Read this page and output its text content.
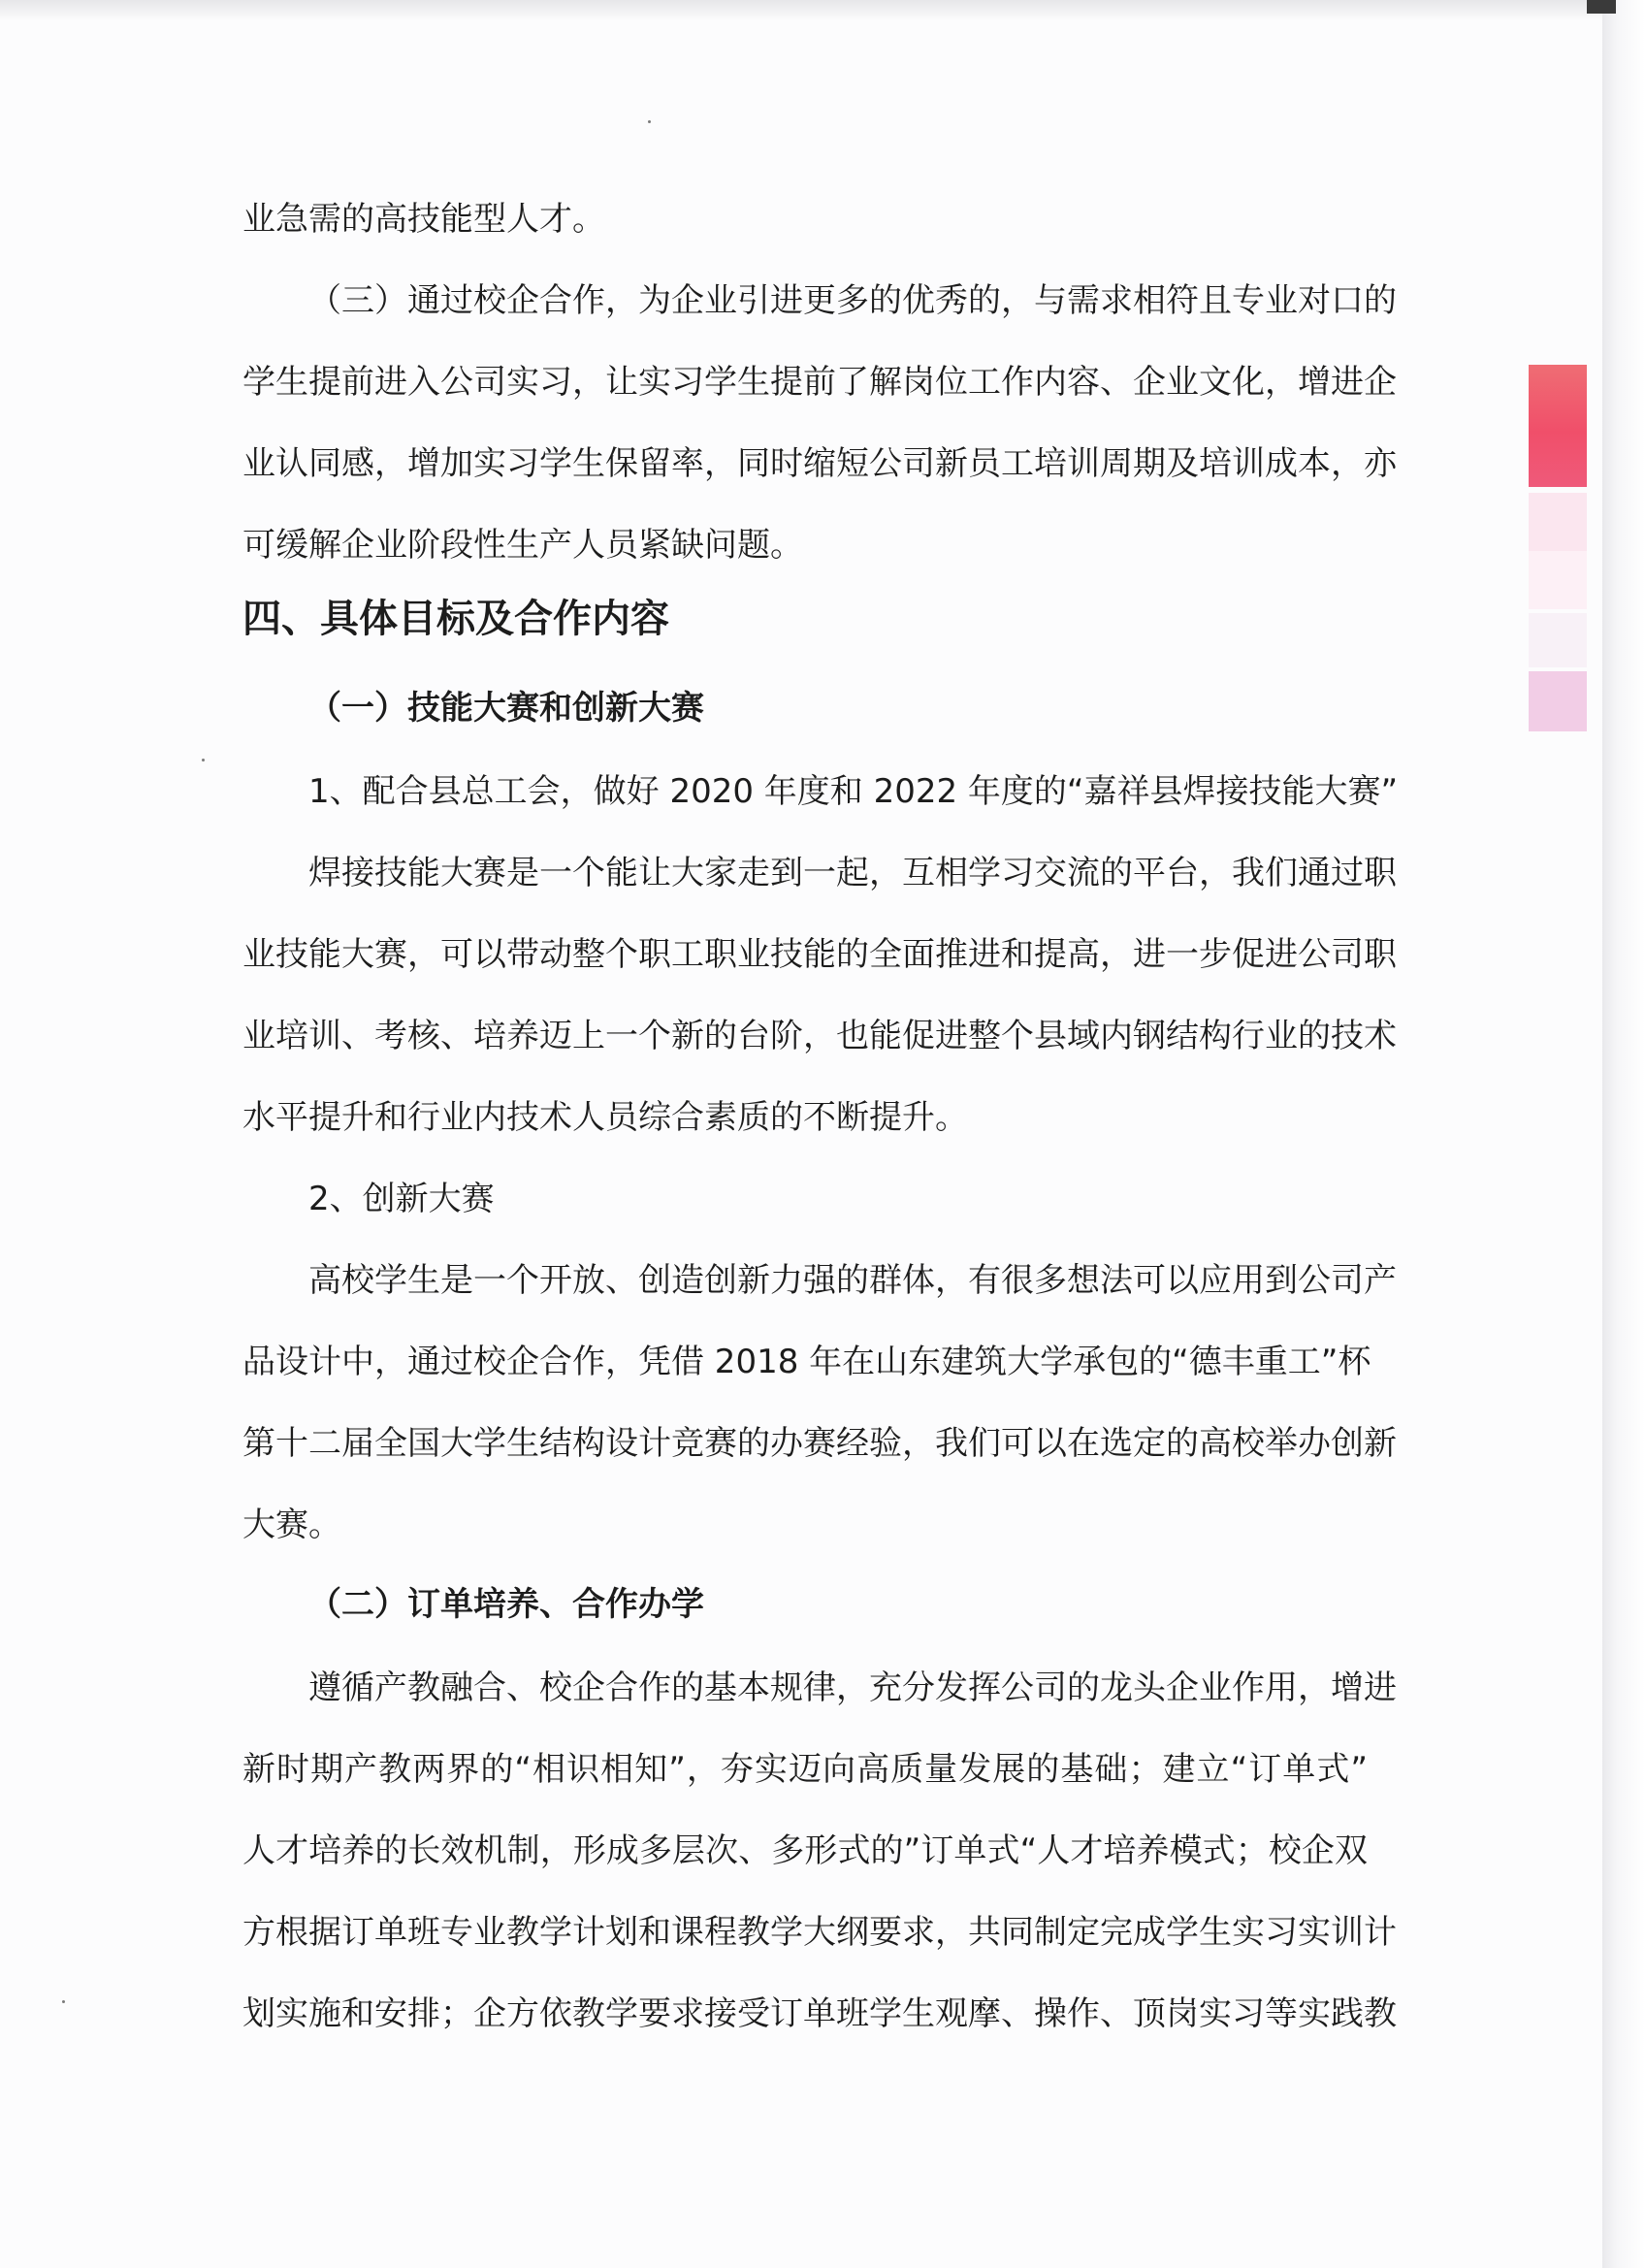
业急需的高技能型人才。
（三）通过校企合作，为企业引进更多的优秀的，与需求相符且专业对口的
学生提前进入公司实习，让实习学生提前了解岗位工作内容、企业文化，增进企
业认同感，增加实习学生保留率，同时缩短公司新员工培训周期及培训成本，亦
可缓解企业阶段性生产人员紧缺问题。
四、具体目标及合作内容
（一）技能大赛和创新大赛
1、配合县总工会，做好 2020 年度和 2022 年度的“嘉祥县焊接技能大赛”
焊接技能大赛是一个能让大家走到一起，互相学习交流的平台，我们通过职
业技能大赛，可以带动整个职工职业技能的全面推进和提高，进一步促进公司职
业培训、考核、培养迈上一个新的台阶，也能促进整个县域内钢结构行业的技术
水平提升和行业内技术人员综合素质的不断提升。
2、创新大赛
高校学生是一个开放、创造创新力强的群体，有很多想法可以应用到公司产
品设计中，通过校企合作，凭借 2018 年在山东建筑大学承包的“德丰重工”杯
第十二届全国大学生结构设计竞赛的办赛经验，我们可以在选定的高校举办创新
大赛。
（二）订单培养、合作办学
遵循产教融合、校企合作的基本规律，充分发挥公司的龙头企业作用，增进
新时期产教两界的“相识相知”，夯实迈向高质量发展的基础；建立“订单式”
人才培养的长效机制，形成多层次、多形式的”订单式“人才培养模式；校企双
方根据订单班专业教学计划和课程教学大纲要求，共同制定完成学生实习实训计
划实施和安排；企方依教学要求接受订单班学生观摩、操作、顶岗实习等实践教
